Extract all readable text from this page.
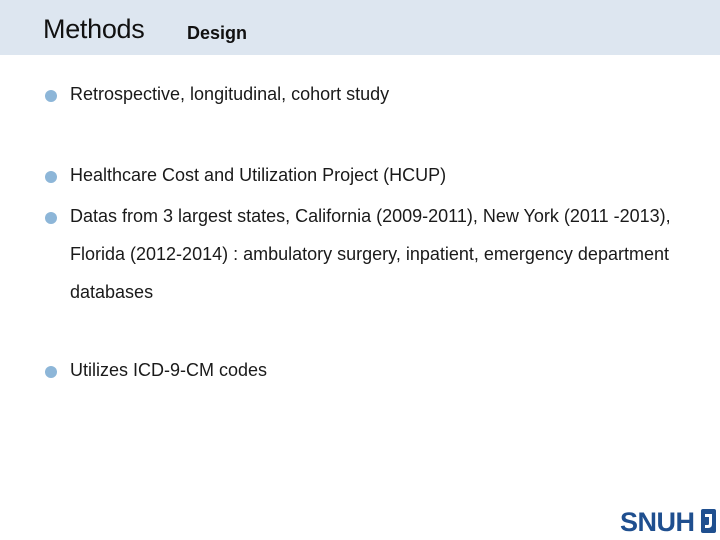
Methods Design
Retrospective, longitudinal, cohort study
Healthcare Cost and Utilization Project (HCUP)
Datas from 3 largest states, California (2009-2011), New York (2011 -2013), Florida (2012-2014) : ambulatory surgery, inpatient, emergency department databases
Utilizes ICD-9-CM codes
SNUH
